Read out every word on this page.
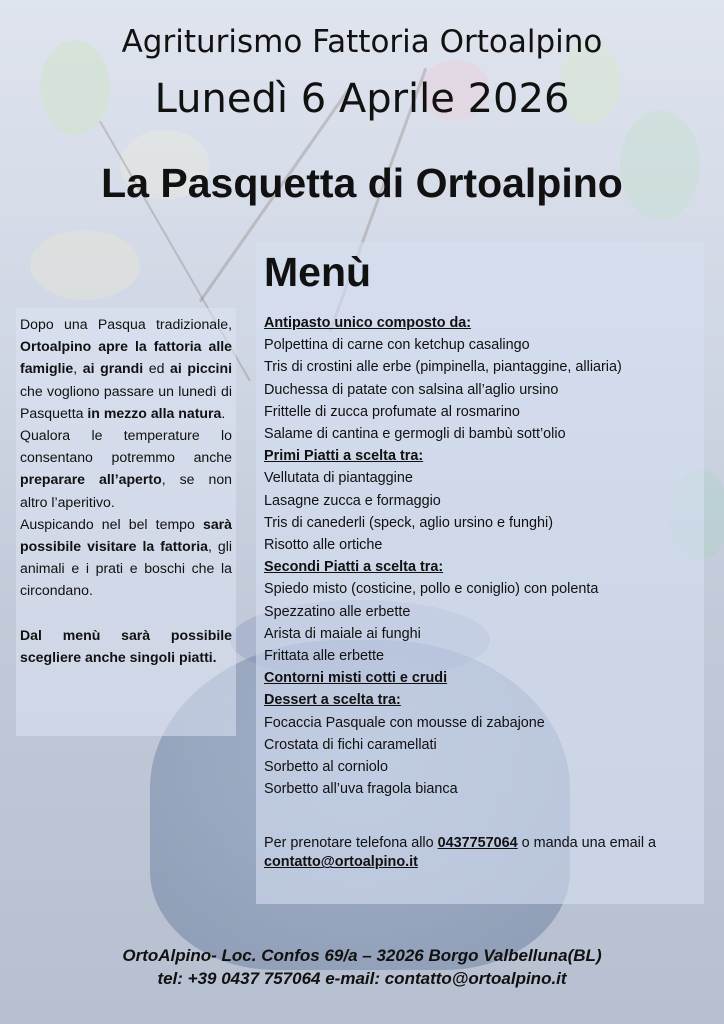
Agriturismo Fattoria Ortoalpino
Lunedì 6 Aprile 2026
La Pasquetta di Ortoalpino

Dopo una Pasqua tradizionale, Ortoalpino apre la fattoria alle famiglie, ai grandi ed ai piccini che vogliono passare un lunedì di Pasquetta in mezzo alla natura.

Qualora le temperature lo consentano potremmo anche preparare all’aperto, se non altro l’aperitivo.

Auspicando nel bel tempo sarà possibile visitare la fattoria, gli animali e i prati e boschi che la circondano.

Dal menù sarà possibile scegliere anche singoli piatti.

Menù
Antipasto unico composto da:
Polpettina di carne con ketchup casalingo
Tris di crostini alle erbe (pimpinella, piantaggine, alliaria)
Duchessa di patate con salsina all’aglio ursino
Frittelle di zucca profumate al rosmarino
Salame di cantina e germogli di bambù sott’olio
Primi Piatti a scelta tra:
Vellutata di piantaggine
Lasagne zucca e formaggio
Tris di canederli (speck, aglio ursino e funghi)
Risotto alle ortiche
Secondi Piatti a scelta tra:
Spiedo misto (costicine, pollo e coniglio) con polenta
Spezzatino alle erbette
Arista di maiale ai funghi
Frittata alle erbette
Contorni misti cotti e crudi
Dessert a scelta tra:
Focaccia Pasquale con mousse di zabajone
Crostata di fichi caramellati
Sorbetto al corniolo
Sorbetto all’uva fragola bianca
Per prenotare telefona allo 0437757064 o manda una email a
contatto@ortoalpino.it
OrtoAlpino- Loc. Confos 69/a – 32026 Borgo Valbelluna(BL)
tel: +39 0437 757064 e-mail: contatto@ortoalpino.it
